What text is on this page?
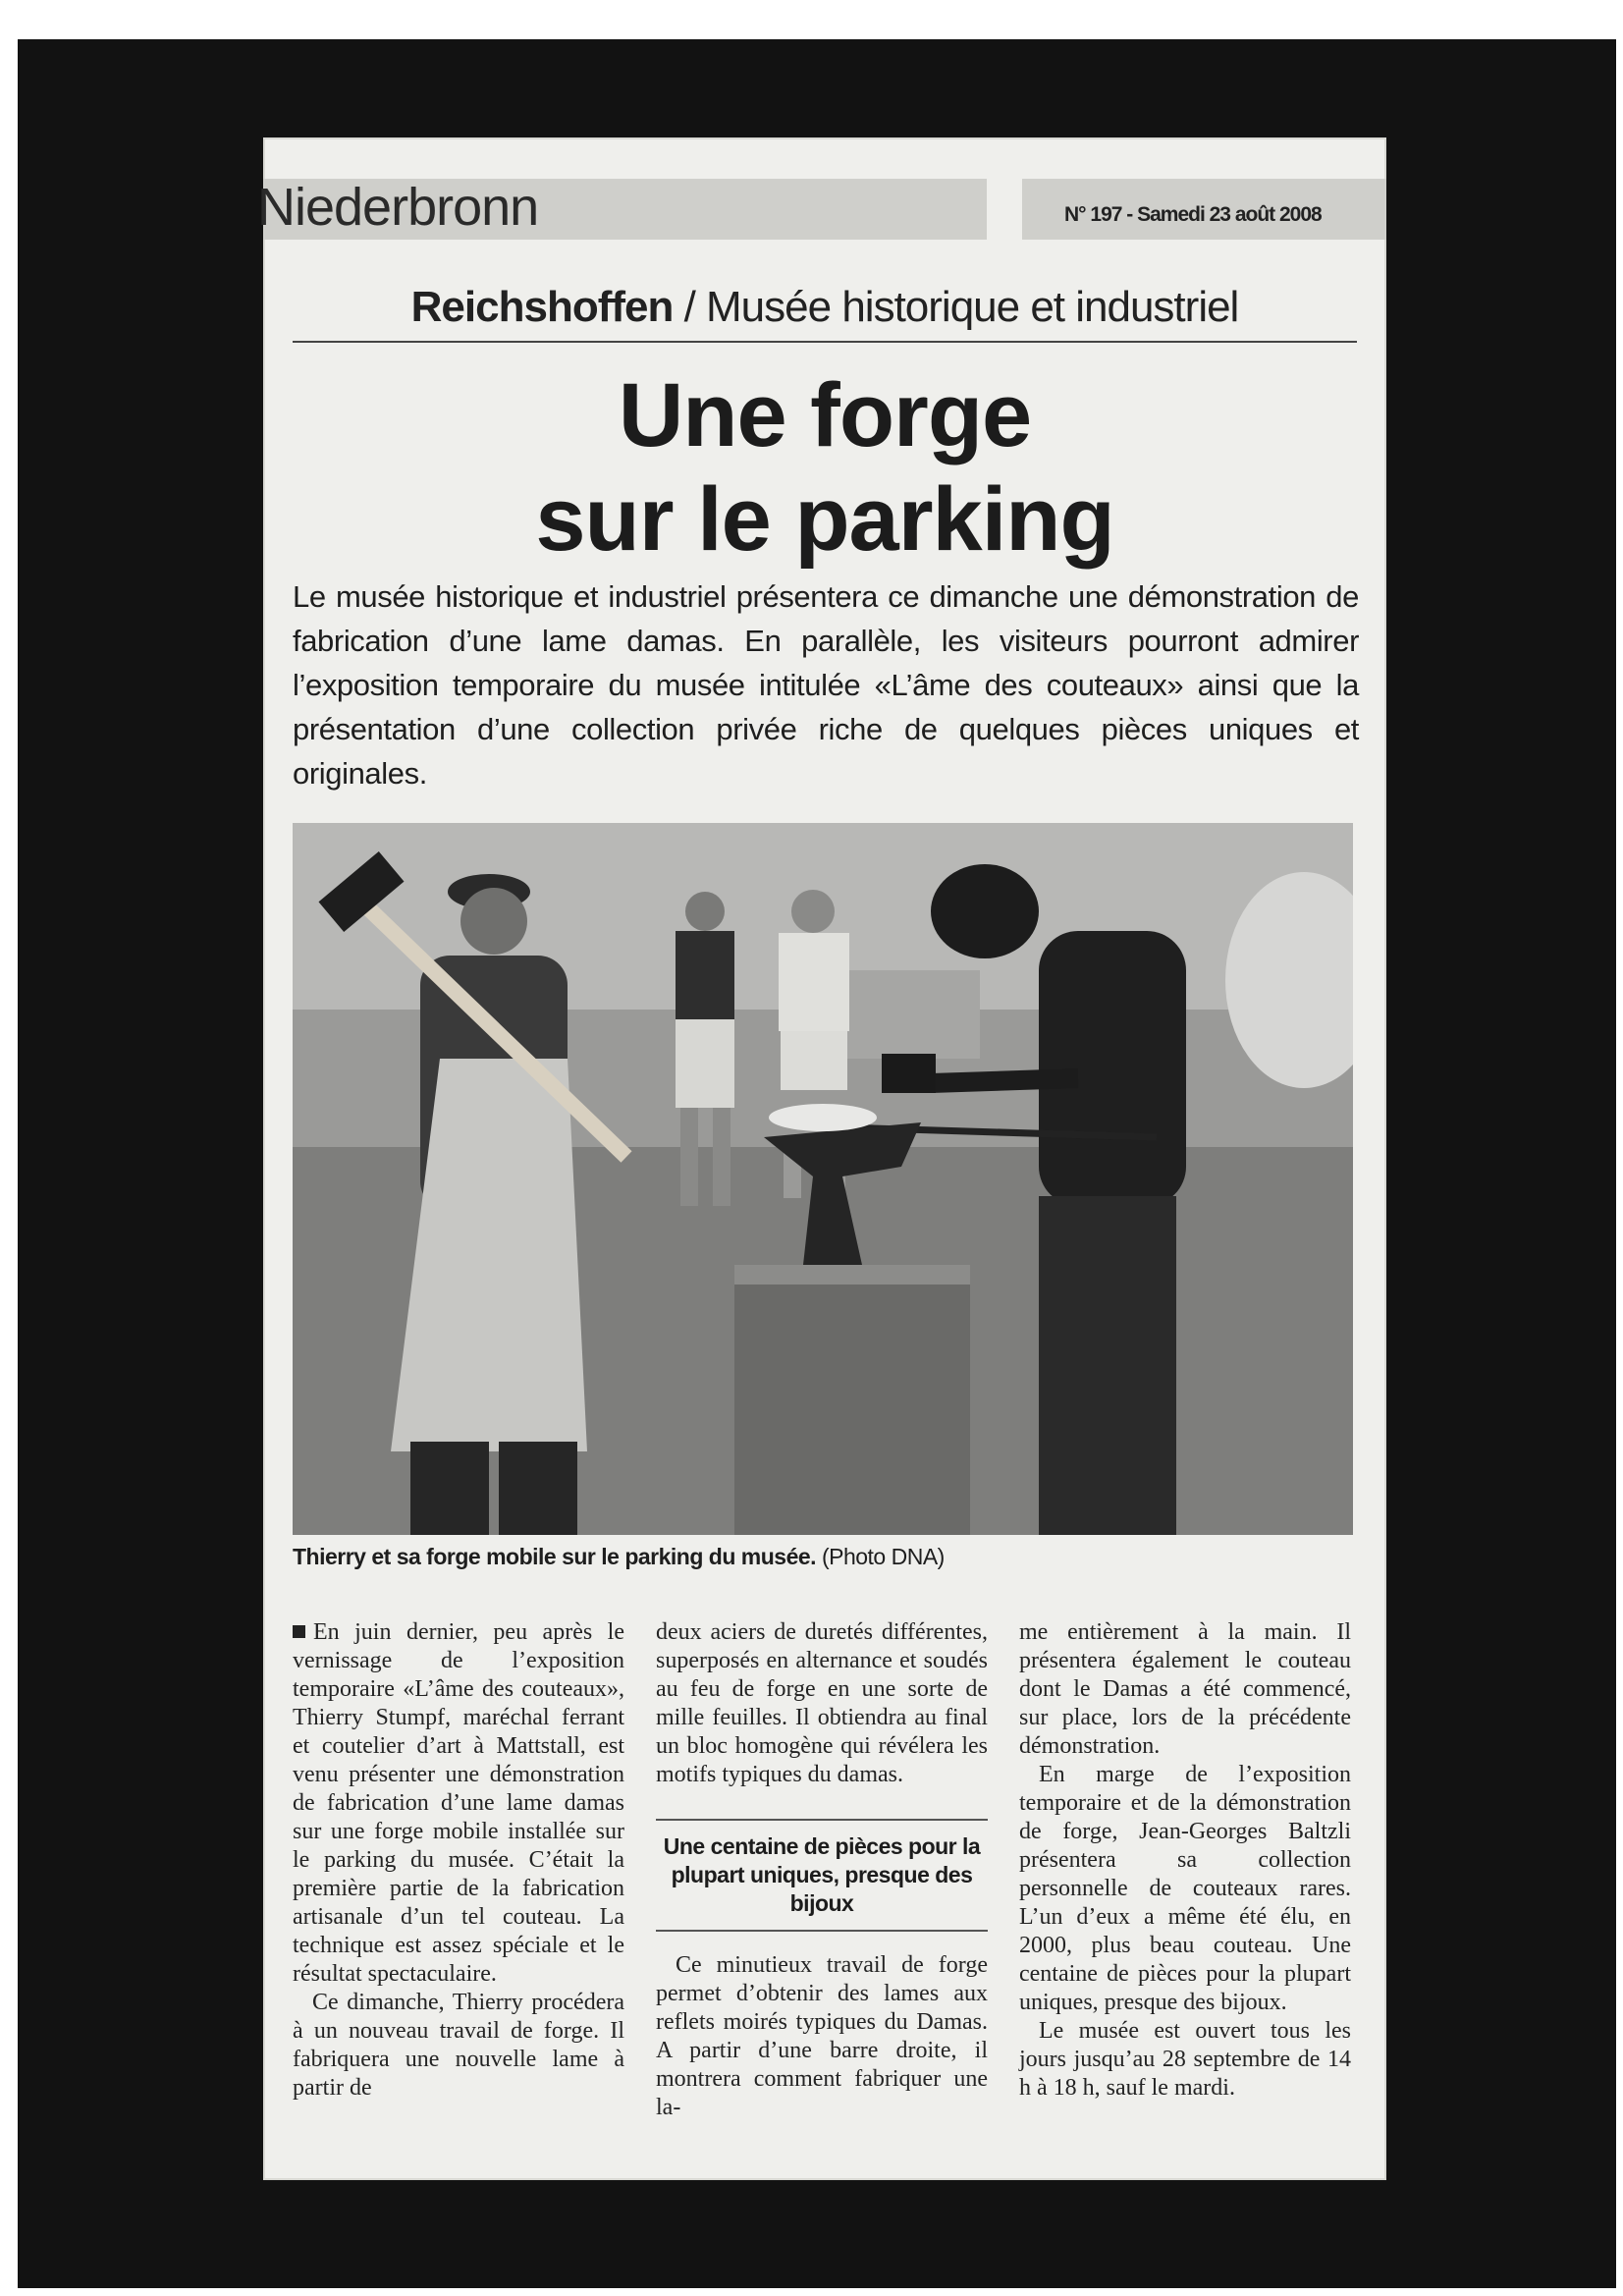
Niederbronn	N° 197 - Samedi 23 août 2008
Reichshoffen / Musée historique et industriel
Une forge
sur le parking
Le musée historique et industriel présentera ce dimanche une démonstration de fabrication d’une lame damas. En parallèle, les visiteurs pourront admirer l’exposition temporaire du musée intitulée «L’âme des couteaux» ainsi que la présentation d’une collection privée riche de quelques pièces uniques et originales.
Thierry et sa forge mobile sur le parking du musée. (Photo DNA)

En juin dernier, peu après le vernissage de l’exposition temporaire «L’âme des couteaux», Thierry Stumpf, maréchal ferrant et coutelier d’art à Mattstall, est venu présenter une démonstration de fabrication d’une lame damas sur une forge mobile installée sur le parking du musée. C’était la première partie de la fabrication artisanale d’un tel couteau. La technique est assez spéciale et le résultat spectaculaire.

Ce dimanche, Thierry procédera à un nouveau travail de forge. Il fabriquera une nouvelle lame à partir de

deux aciers de duretés différentes, superposés en alternance et soudés au feu de forge en une sorte de mille feuilles. Il obtiendra au final un bloc homogène qui révélera les motifs typiques du damas.

Une centaine de pièces pour la plupart uniques, presque des bijoux

Ce minutieux travail de forge permet d’obtenir des lames aux reflets moirés typiques du Damas. A partir d’une barre droite, il montrera comment fabriquer une la-

me entièrement à la main. Il présentera également le couteau dont le Damas a été commencé, sur place, lors de la précédente démonstration.

En marge de l’exposition temporaire et de la démonstration de forge, Jean-Georges Baltzli présentera sa collection personnelle de couteaux rares. L’un d’eux a même été élu, en 2000, plus beau couteau. Une centaine de pièces pour la plupart uniques, presque des bijoux.

Le musée est ouvert tous les jours jusqu’au 28 septembre de 14 h à 18 h, sauf le mardi.
